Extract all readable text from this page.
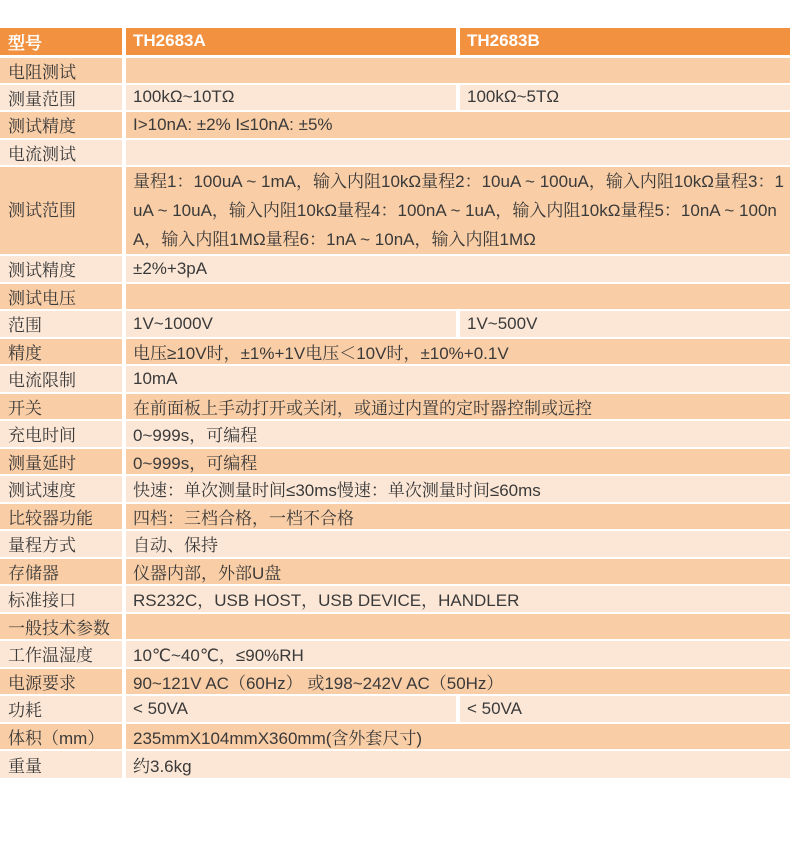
型号	TH2683A	TH2683B
电阻测试		
测量范围	100kΩ~10TΩ	100kΩ~5TΩ
测试精度	I>10nA: ±2% I≤10nA: ±5%	
电流测试		
测试范围	量程1：100uA ~ 1mA，输入内阻10kΩ量程2：10uA ~ 100uA，输入内阻10kΩ量程3：1uA ~ 10uA，输入内阻10kΩ量程4：100nA ~ 1uA，输入内阻10kΩ量程5：10nA ~ 100nA，输入内阻1MΩ量程6：1nA ~ 10nA，输入内阻1MΩ	
测试精度	±2%+3pA	
测试电压		
范围	1V~1000V	1V~500V
精度	电压≥10V时，±1%+1V电压＜10V时，±10%+0.1V	
电流限制	10mA	
开关	在前面板上手动打开或关闭，或通过内置的定时器控制或远控	
充电时间	0~999s，可编程	
测量延时	0~999s，可编程	
测试速度	快速：单次测量时间≤30ms慢速：单次测量时间≤60ms	
比较器功能	四档：三档合格，一档不合格	
量程方式	自动、保持	
存储器	仪器内部，外部U盘	
标准接口	RS232C，USB HOST，USB DEVICE，HANDLER	
一般技术参数		
工作温湿度	10℃~40℃，≤90%RH	
电源要求	90~121V AC（60Hz） 或198~242V AC（50Hz）	
功耗	< 50VA	< 50VA
体积（mm）	235mmX104mmX360mm(含外套尺寸)	
重量	约3.6kg	
